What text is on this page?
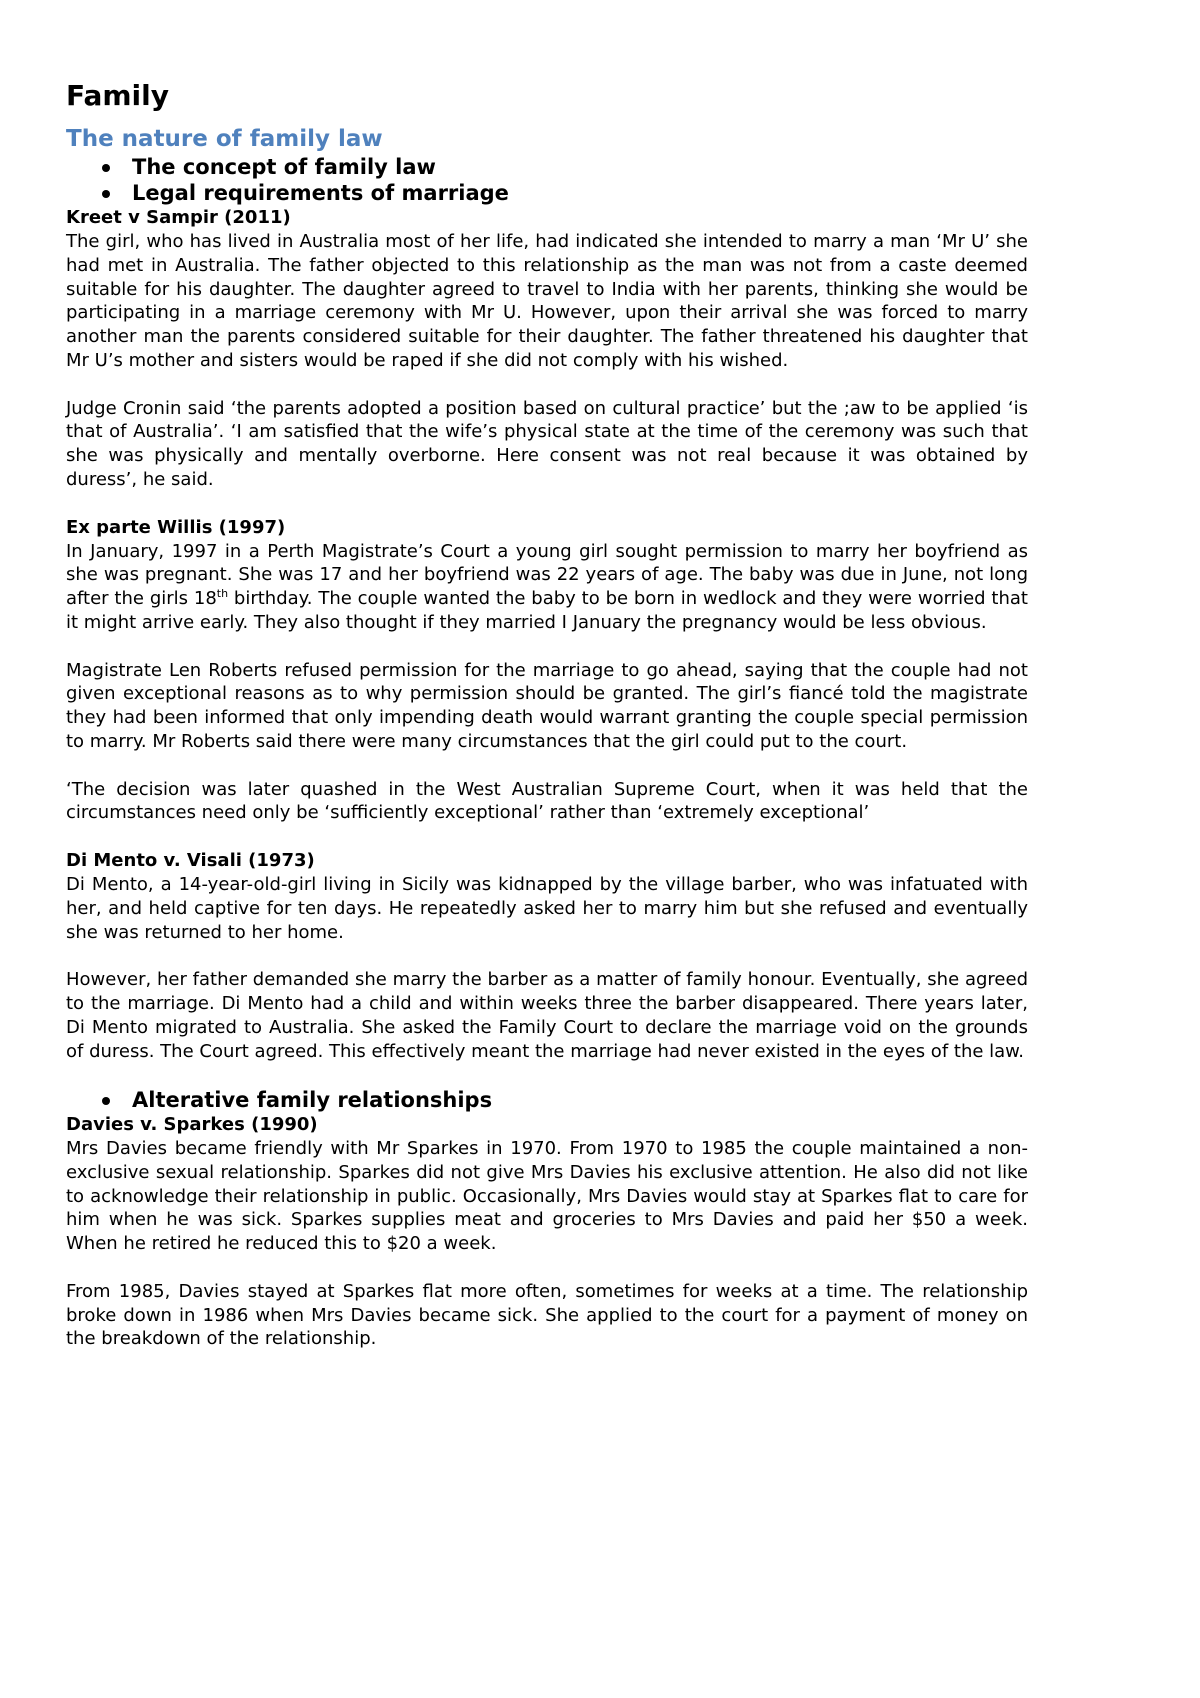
Family
The nature of family law
The concept of family law
Legal requirements of marriage
Kreet v Sampir (2011)

The girl, who has lived in Australia most of her life, had indicated she intended to marry a man ‘Mr U’ she had met in Australia. The father objected to this relationship as the man was not from a caste deemed suitable for his daughter. The daughter agreed to travel to India with her parents, thinking she would be participating in a marriage ceremony with Mr U. However, upon their arrival she was forced to marry another man the parents considered suitable for their daughter. The father threatened his daughter that Mr U’s mother and sisters would be raped if she did not comply with his wished.

Judge Cronin said ‘the parents adopted a position based on cultural practice’ but the ;aw to be applied ‘is that of Australia’. ‘I am satisfied that the wife’s physical state at the time of the ceremony was such that she was physically and mentally overborne. Here consent was not real because it was obtained by duress’, he said.

Ex parte Willis (1997)

In January, 1997 in a Perth Magistrate’s Court a young girl sought permission to marry her boyfriend as she was pregnant. She was 17 and her boyfriend was 22 years of age. The baby was due in June, not long after the girls 18th birthday. The couple wanted the baby to be born in wedlock and they were worried that it might arrive early. They also thought if they married I January the pregnancy would be less obvious.

Magistrate Len Roberts refused permission for the marriage to go ahead, saying that the couple had not given exceptional reasons as to why permission should be granted. The girl’s fiancé told the magistrate they had been informed that only impending death would warrant granting the couple special permission to marry. Mr Roberts said there were many circumstances that the girl could put to the court.

‘The decision was later quashed in the West Australian Supreme Court, when it was held that the circumstances need only be ‘sufficiently exceptional’ rather than ‘extremely exceptional’

Di Mento v. Visali (1973)

Di Mento, a 14-year-old-girl living in Sicily was kidnapped by the village barber, who was infatuated with her, and held captive for ten days. He repeatedly asked her to marry him but she refused and eventually she was returned to her home.

However, her father demanded she marry the barber as a matter of family honour. Eventually, she agreed to the marriage. Di Mento had a child and within weeks three the barber disappeared. There years later, Di Mento migrated to Australia. She asked the Family Court to declare the marriage void on the grounds of duress. The Court agreed. This effectively meant the marriage had never existed in the eyes of the law.

Alterative family relationships
Davies v. Sparkes (1990)

Mrs Davies became friendly with Mr Sparkes in 1970. From 1970 to 1985 the couple maintained a non-exclusive sexual relationship. Sparkes did not give Mrs Davies his exclusive attention. He also did not like to acknowledge their relationship in public. Occasionally, Mrs Davies would stay at Sparkes flat to care for him when he was sick. Sparkes supplies meat and groceries to Mrs Davies and paid her $50 a week. When he retired he reduced this to $20 a week.

From 1985, Davies stayed at Sparkes flat more often, sometimes for weeks at a time. The relationship broke down in 1986 when Mrs Davies became sick. She applied to the court for a payment of money on the breakdown of the relationship.
